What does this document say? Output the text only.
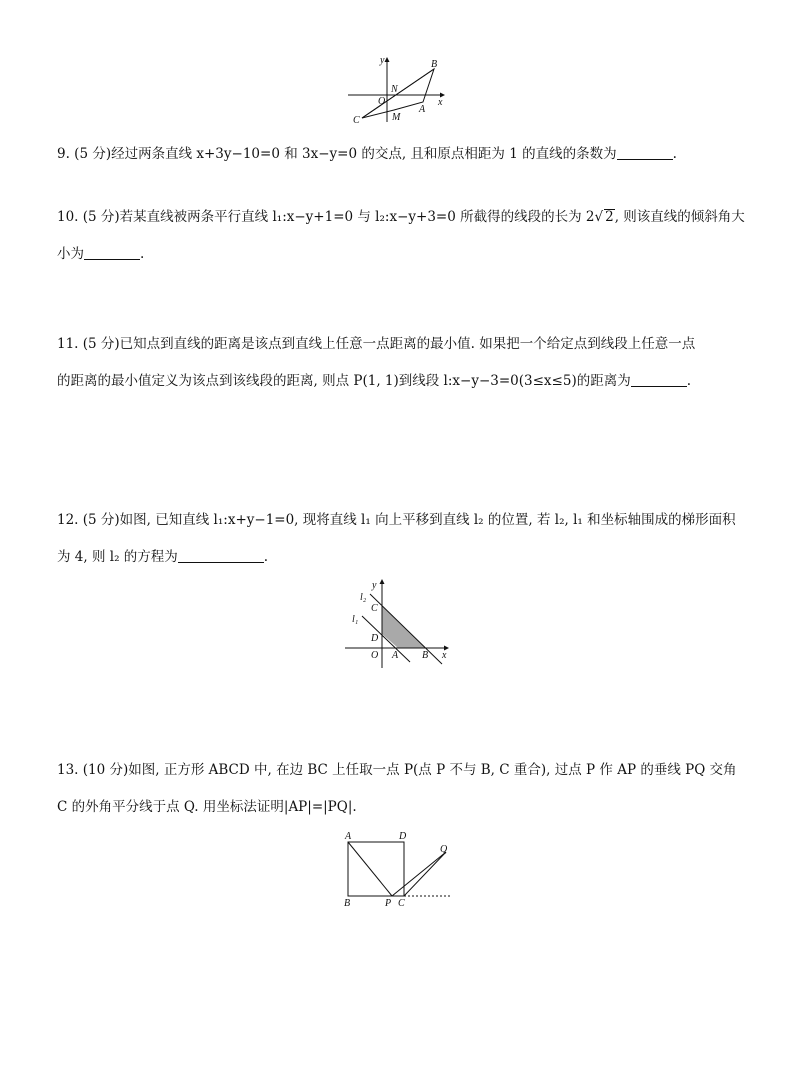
y
x
B
N
O
A
C	M
9. (5 分)经过两条直线 x+3y−10=0 和 3x−y=0 的交点, 且和原点相距为 1 的直线的条数为	.
10. (5 分)若某直线被两条平行直线 l₁:x−y+1=0 与 l₂:x−y+3=0 所截得的线段的长为 2√ 2, 则该直线的倾斜角大
小为	.
11. (5 分)已知点到直线的距离是该点到直线上任意一点距离的最小值. 如果把一个给定点到线段上任意一点
的距离的最小值定义为该点到该线段的距离, 则点 P(1, 1)到线段 l:x−y−3=0(3≤x≤5)的距离为	.
12. (5 分)如图, 已知直线 l₁:x+y−1=0, 现将直线 l₁ 向上平移到直线 l₂ 的位置, 若 l₂, l₁ 和坐标轴围成的梯形面积
为 4, 则 l₂ 的方程为	.
y
x
l₂
l₁
C
D
O A B
13. (10 分)如图, 正方形 ABCD 中, 在边 BC 上任取一点 P(点 P 不与 B, C 重合), 过点 P 作 AP 的垂线 PQ 交角
C 的外角平分线于点 Q. 用坐标法证明|AP|=|PQ|.
A	D
Q
B	P C
